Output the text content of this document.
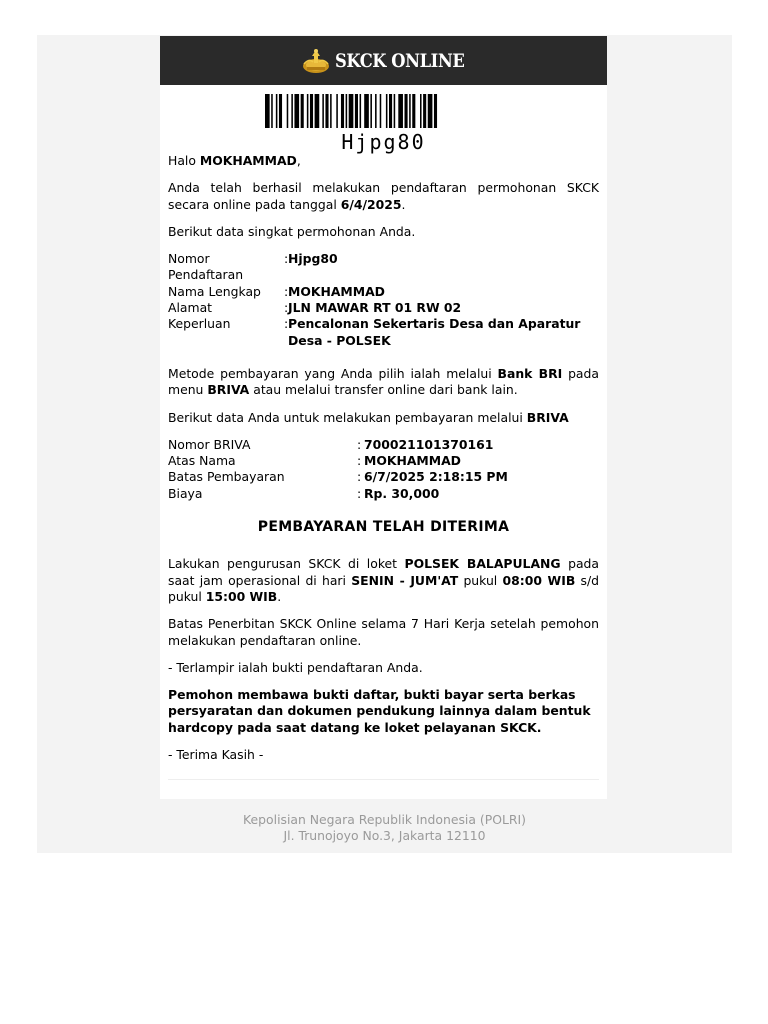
SKCK ONLINE
Hjpg80

Halo MOKHAMMAD,

Anda telah berhasil melakukan pendaftaran permohonan SKCK secara online pada tanggal 6/4/2025.

Berikut data singkat permohonan Anda.

Nomor Pendaftaran
: Hjpg80
Nama Lengkap	: MOKHAMMAD
Alamat	: JLN MAWAR RT 01 RW 02
Keperluan	: Pencalonan Sekertaris Desa dan Aparatur Desa - POLSEK

Metode pembayaran yang Anda pilih ialah melalui Bank BRI pada menu BRIVA atau melalui transfer online dari bank lain.

Berikut data Anda untuk melakukan pembayaran melalui BRIVA

Nomor BRIVA	: 700021101370161
Atas Nama	: MOKHAMMAD
Batas Pembayaran	: 6/7/2025 2:18:15 PM
Biaya	: Rp. 30,000

PEMBAYARAN TELAH DITERIMA

Lakukan pengurusan SKCK di loket POLSEK BALAPULANG pada saat jam operasional di hari SENIN - JUM'AT pukul 08:00 WIB s/d pukul 15:00 WIB.

Batas Penerbitan SKCK Online selama 7 Hari Kerja setelah pemohon melakukan pendaftaran online.

- Terlampir ialah bukti pendaftaran Anda.

Pemohon membawa bukti daftar, bukti bayar serta berkas persyaratan dan dokumen pendukung lainnya dalam bentuk hardcopy pada saat datang ke loket pelayanan SKCK.

- Terima Kasih -

Kepolisian Negara Republik Indonesia (POLRI)
Jl. Trunojoyo No.3, Jakarta 12110
